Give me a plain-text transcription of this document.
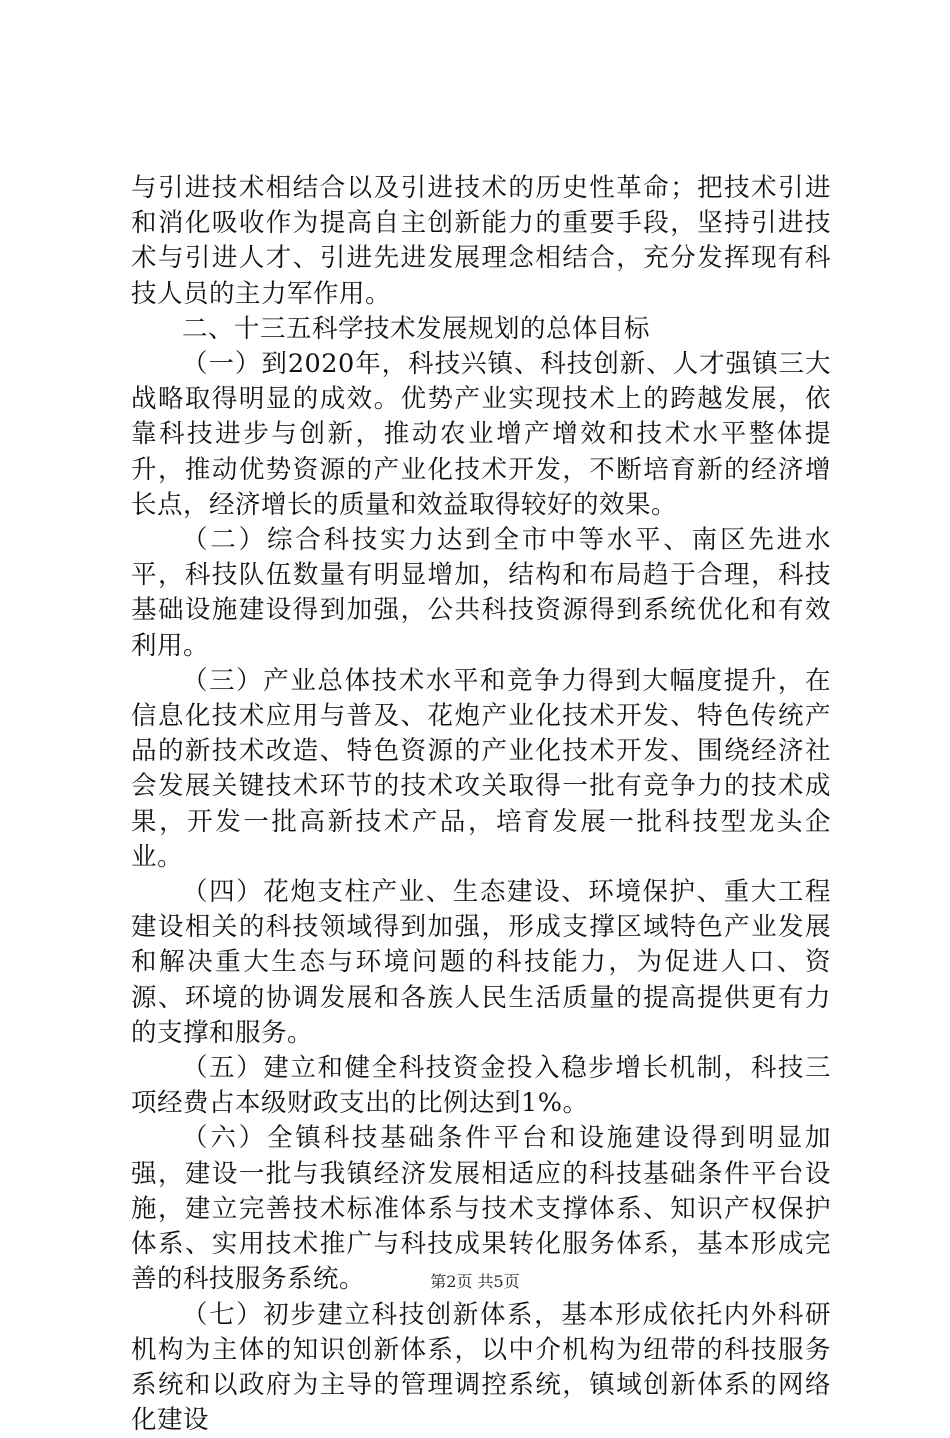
与引进技术相结合以及引进技术的历史性革命；把技术引进和消化吸收作为提高自主创新能力的重要手段，坚持引进技术与引进人才、引进先进发展理念相结合，充分发挥现有科技人员的主力军作用。

二、十三五科学技术发展规划的总体目标

（一）到2020年，科技兴镇、科技创新、人才强镇三大战略取得明显的成效。优势产业实现技术上的跨越发展，依靠科技进步与创新，推动农业增产增效和技术水平整体提升，推动优势资源的产业化技术开发，不断培育新的经济增长点，经济增长的质量和效益取得较好的效果。

（二）综合科技实力达到全市中等水平、南区先进水平，科技队伍数量有明显增加，结构和布局趋于合理，科技基础设施建设得到加强，公共科技资源得到系统优化和有效利用。

（三）产业总体技术水平和竞争力得到大幅度提升，在信息化技术应用与普及、花炮产业化技术开发、特色传统产品的新技术改造、特色资源的产业化技术开发、围绕经济社会发展关键技术环节的技术攻关取得一批有竞争力的技术成果，开发一批高新技术产品，培育发展一批科技型龙头企业。

（四）花炮支柱产业、生态建设、环境保护、重大工程建设相关的科技领域得到加强，形成支撑区域特色产业发展和解决重大生态与环境问题的科技能力，为促进人口、资源、环境的协调发展和各族人民生活质量的提高提供更有力的支撑和服务。

（五）建立和健全科技资金投入稳步增长机制，科技三项经费占本级财政支出的比例达到1%。

（六）全镇科技基础条件平台和设施建设得到明显加强，建设一批与我镇经济发展相适应的科技基础条件平台设施，建立完善技术标准体系与技术支撑体系、知识产权保护体系、实用技术推广与科技成果转化服务体系，基本形成完善的科技服务系统。

（七）初步建立科技创新体系，基本形成依托内外科研机构为主体的知识创新体系，以中介机构为纽带的科技服务系统和以政府为主导的管理调控系统，镇域创新体系的网络化建设

第2页 共5页
